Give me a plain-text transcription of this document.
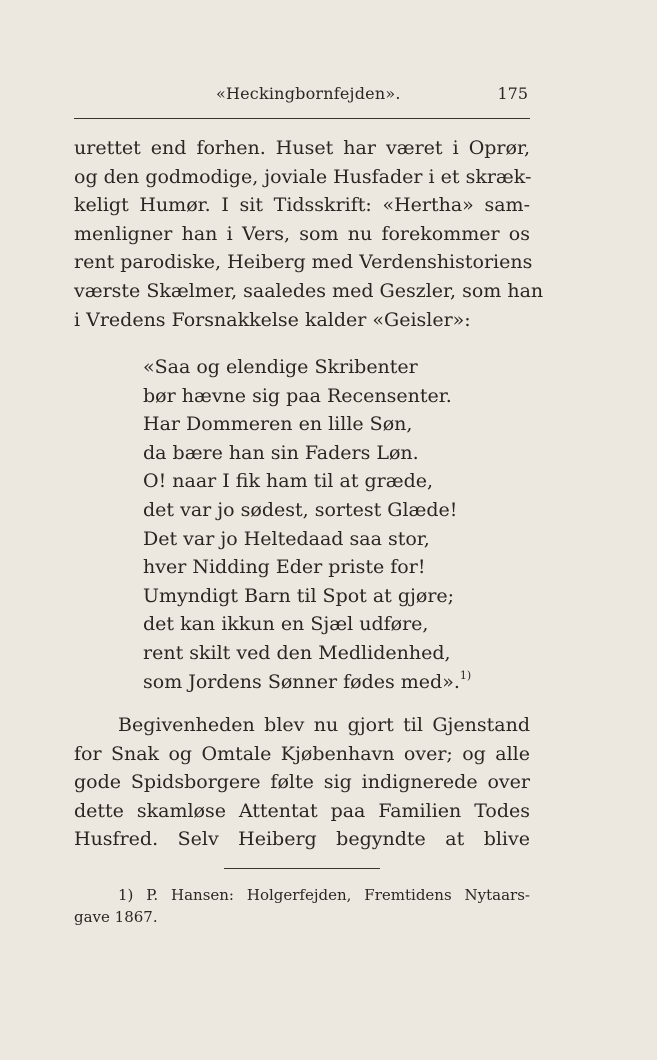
«Heckingbornfejden».	175
urettet end forhen. Huset har været i Oprør,
og den godmodige, joviale Husfader i et skræk-
keligt Humør. I sit Tidsskrift: «Hertha» sam-
menligner han i Vers, som nu forekommer os
rent parodiske, Heiberg med Verdenshistoriens
værste Skælmer, saaledes med Geszler, som han
i Vredens Forsnakkelse kalder «Geisler»:
«Saa og elendige Skribenter
bør hævne sig paa Recensenter.
Har Dommeren en lille Søn,
da bære han sin Faders Løn.
O! naar I fik ham til at græde,
det var jo sødest, sortest Glæde!
Det var jo Heltedaad saa stor,
hver Nidding Eder priste for!
Umyndigt Barn til Spot at gjøre;
det kan ikkun en Sjæl udføre,
rent skilt ved den Medlidenhed,
som Jordens Sønner fødes med».$^{1)}$
Begivenheden blev nu gjort til Gjenstand
for Snak og Omtale Kjøbenhavn over; og alle
gode Spidsborgere følte sig indignerede over
dette skamløse Attentat paa Familien Todes
Husfred. Selv Heiberg begyndte at blive
1) P. Hansen: Holgerfejden, Fremtidens Nytaars-
gave 1867.
